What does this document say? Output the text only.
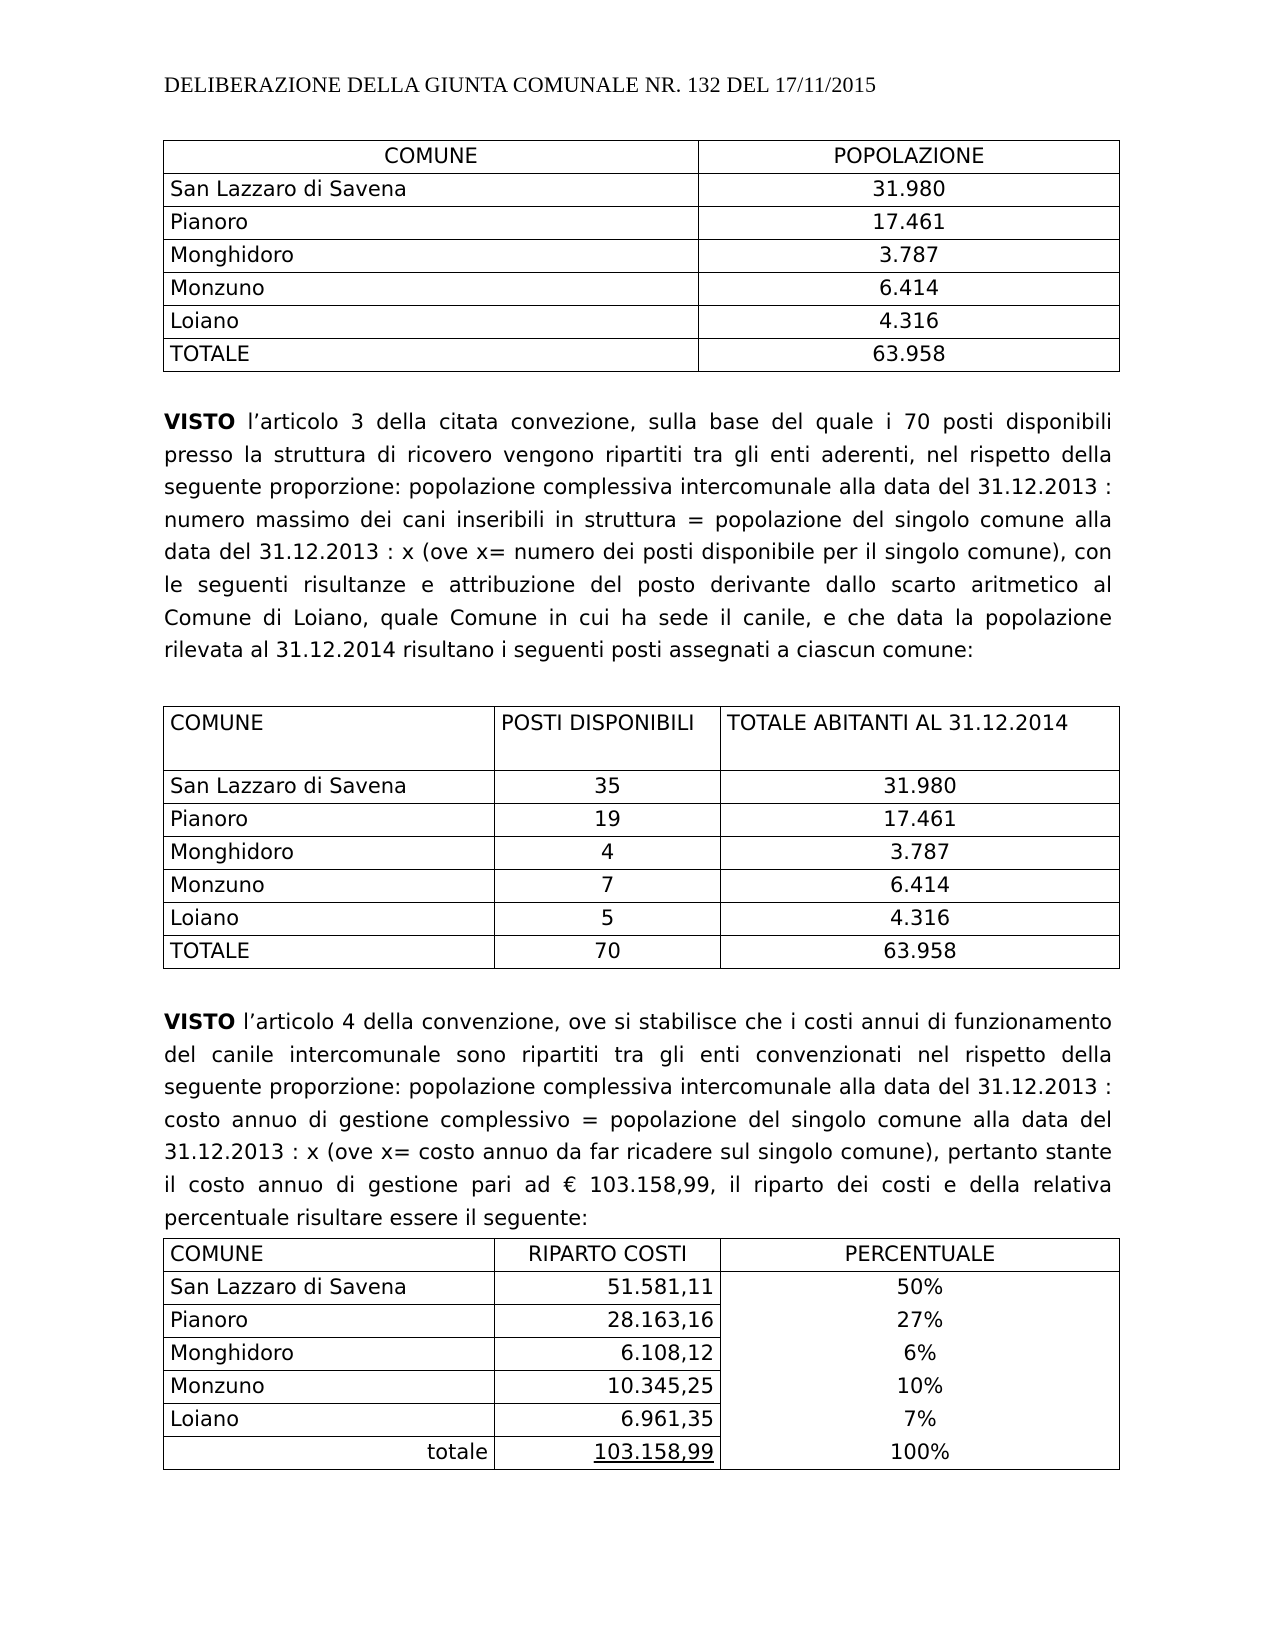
DELIBERAZIONE DELLA GIUNTA COMUNALE NR. 132 DEL 17/11/2015
COMUNE	POPOLAZIONE
San Lazzaro di Savena	31.980
Pianoro	17.461
Monghidoro	3.787
Monzuno	6.414
Loiano	4.316
TOTALE	63.958
VISTO l’articolo 3 della citata convezione, sulla base del quale i 70 posti disponibili presso la struttura di ricovero vengono ripartiti tra gli enti aderenti, nel rispetto della seguente proporzione: popolazione complessiva intercomunale alla data del 31.12.2013 : numero massimo dei cani inseribili in struttura = popolazione del singolo comune alla data del 31.12.2013 : x (ove x= numero dei posti disponibile per il singolo comune), con le seguenti risultanze e attribuzione del posto derivante dallo scarto aritmetico al Comune di Loiano, quale Comune in cui ha sede il canile, e che data la popolazione rilevata al 31.12.2014 risultano i seguenti posti assegnati a ciascun comune:
COMUNE	POSTI DISPONIBILI	TOTALE ABITANTI AL 31.12.2014
San Lazzaro di Savena	35	31.980
Pianoro	19	17.461
Monghidoro	4	3.787
Monzuno	7	6.414
Loiano	5	4.316
TOTALE	70	63.958
VISTO l’articolo 4 della convenzione, ove si stabilisce che i costi annui di funzionamento del canile intercomunale sono ripartiti tra gli enti convenzionati nel rispetto della seguente proporzione: popolazione complessiva intercomunale alla data del 31.12.2013 : costo annuo di gestione complessivo = popolazione del singolo comune alla data del 31.12.2013 : x (ove x= costo annuo da far ricadere sul singolo comune), pertanto stante il costo annuo di gestione pari ad € 103.158,99, il riparto dei costi e della relativa percentuale risultare essere il seguente:
COMUNE	RIPARTO COSTI	PERCENTUALE
San Lazzaro di Savena	51.581,11	50%
Pianoro	28.163,16	27%
Monghidoro	6.108,12	6%
Monzuno	10.345,25	10%
Loiano	6.961,35	7%
totale	103.158,99	100%
